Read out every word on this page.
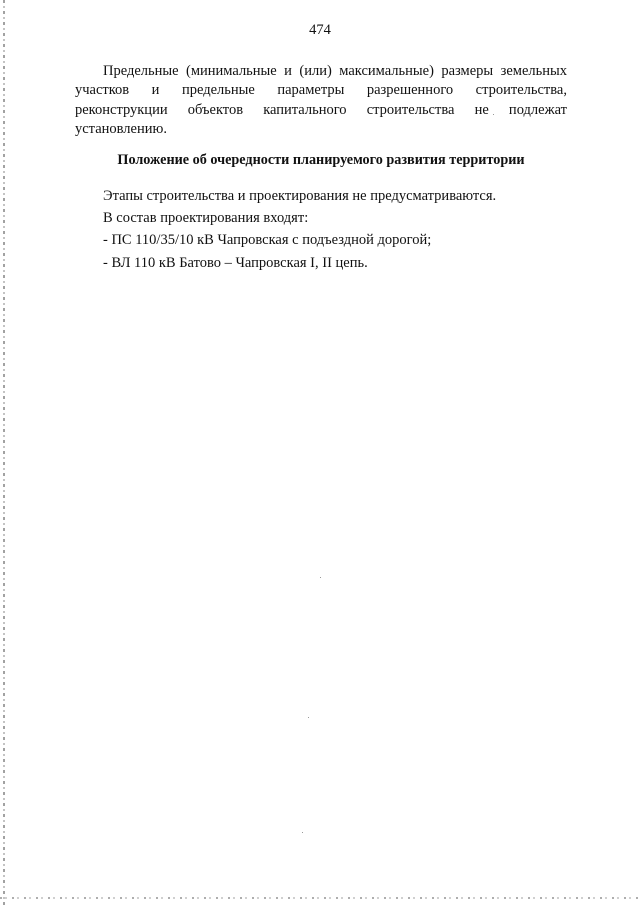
474
Предельные (минимальные и (или) максимальные) размеры земельных
участков и предельные параметры разрешенного строительства,
реконструкции объектов капитального строительства не подлежат
установлению.
Положение об очередности планируемого развития территории
Этапы строительства и проектирования не предусматриваются.
В состав проектирования входят:
- ПС 110/35/10 кВ Чапровская с подъездной дорогой;
- ВЛ 110 кВ Батово – Чапровская I, II цепь.
